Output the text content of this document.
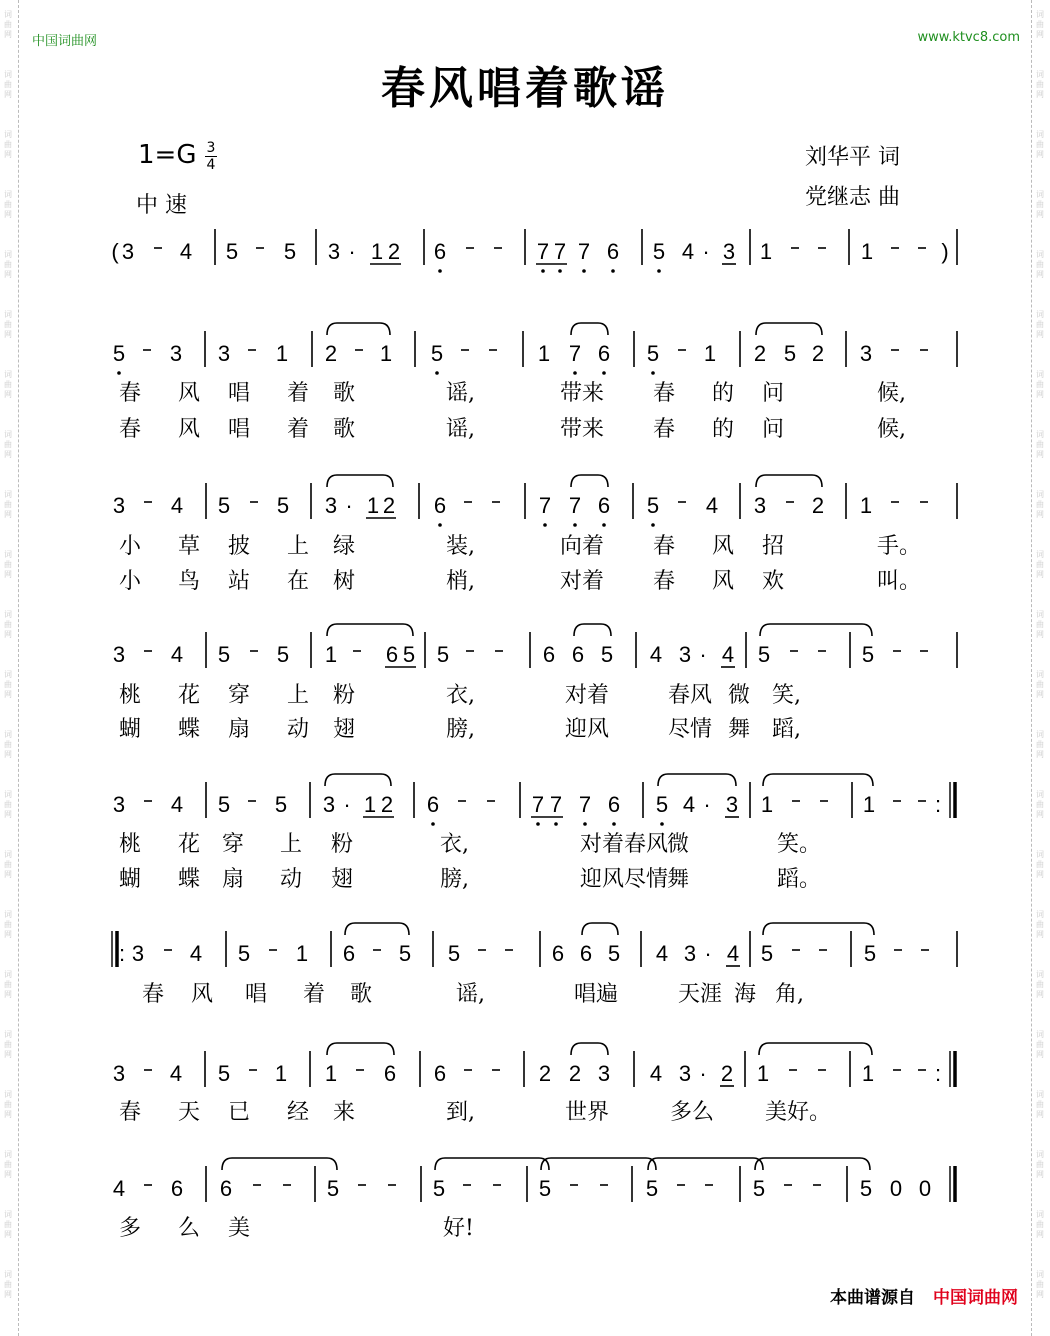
词
曲
网
词
曲
网
词
曲
网
词
曲
网
词
曲
网
词
曲
网
词
曲
网
词
曲
网
词
曲
网
词
曲
网
词
曲
网
词
曲
网
词
曲
网
词
曲
网
词
曲
网
词
曲
网
词
曲
网
词
曲
网
词
曲
网
词
曲
网
词
曲
网
词
曲
网
词
曲
网
词
曲
网
词
曲
网
词
曲
网
词
曲
网
词
曲
网
词
曲
网
词
曲
网
词
曲
网
词
曲
网
词
曲
网
词
曲
网
词
曲
网
词
曲
网
词
曲
网
词
曲
网
词
曲
网
词
曲
网
词
曲
网
词
曲
网
词
曲
网
词
曲
网
中国词曲网	www.ktvc8.com
春风唱着歌谣
1=G 3
4
中 速
刘华平 词
党继志 曲
( 3 4 5 5 3 · 1 2 6	7 7 7 6 5 4 · 3 1	1	)
5 3 3 1 2 1 5	1 7 6 5 1 2 5 2 3
春 风 唱 着 歌	谣,	带来 春 的 问	候,
春 风 唱 着 歌	谣,	带来 春 的 问	候,
3 4 5 5 3 · 1 2 6	7 7 6 5 4 3 2 1
小 草 披 上 绿	装,	向着 春 风 招	手。
小 鸟 站 在 树	梢,	对着 春 风 欢	叫。
3 4 5 5 1 6 5 5	6 6 5 4 3 · 4 5	5
桃 花 穿 上 粉	衣,	对着	春风 微 笑,
蝴 蝶 扇 动 翅	膀,	迎风	尽情 舞 蹈,
3 4 5 5 3 · 1 2 6	7 7 7 6 5 4 · 3 1	1	:
桃 花 穿 上 粉	衣,	对着春风
微	笑。
蝴 蝶 扇 动 翅	膀,	迎风尽情
舞	蹈。
: 3 4 5 1 6 5 5	6 6 5 4 3 · 4 5	5
春 风 唱 着 歌	谣,	唱遍	天涯 海 角,
3 4 5 1 1 6 6	2 2 3 4 3 · 2 1	1	:
春 天 已 经 来	到,	世界	多么 美好。
4 6 6	5	5	5	5	5	5 0 0
多 么 美	好!
本曲谱源自 中国词曲网
